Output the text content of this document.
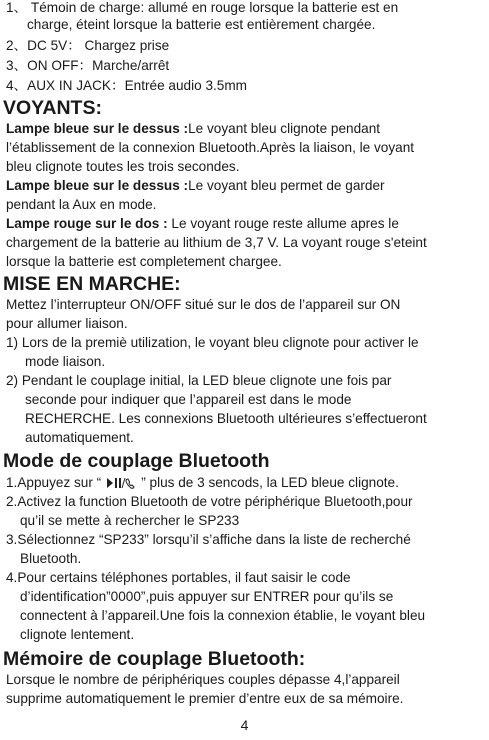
1、 Témoin de charge: allumé en rouge lorsque la batterie est en
charge, éteint lorsque la batterie est entièrement chargée.
2、DC 5V： Chargez prise
3、ON OFF：Marche/arrêt
4、AUX IN JACK：Entrée audio 3.5mm
VOYANTS:
Lampe bleue sur le dessus :Le voyant bleu clignote pendant
l’établissement de la connexion Bluetooth.Après la liaison, le voyant
bleu clignote toutes les trois secondes.
Lampe bleue sur le dessus :Le voyant bleu permet de garder
pendant la Aux en mode.
Lampe rouge sur le dos : Le voyant rouge reste allume apres le
chargement de la batterie au lithium de 3,7 V. La voyant rouge s'eteint
lorsque la batterie est completement chargee.
MISE EN MARCHE:
Mettez l’interrupteur ON/OFF situé sur le dos de l’appareil sur ON
pour allumer liaison.
1) Lors de la premiè utilization, le voyant bleu clignote pour activer le
mode liaison.
2) Pendant le couplage initial, la LED bleue clignote une fois par
seconde pour indiquer que l’appareil est dans le mode
RECHERCHE. Les connexions Bluetooth ultérieures s’effectueront
automatiquement.
Mode de couplage Bluetooth
1.Appuyez sur “	” plus de 3 sencods, la LED bleue clignote.
2.Activez la function Bluetooth de votre périphérique Bluetooth,pour
qu’il se mette à rechercher le SP233
3.Sélectionnez “SP233” lorsqu’il s’affiche dans la liste de recherché
Bluetooth.
4.Pour certains téléphones portables, il faut saisir le code
d’identification”0000”,puis appuyer sur ENTRER pour qu’ils se
connectent à l’appareil.Une fois la connexion établie, le voyant bleu
clignote lentement.
Mémoire de couplage Bluetooth:
Lorsque le nombre de périphériques couples dépasse 4,l’appareil
supprime automatiquement le premier d’entre eux de sa mémoire.
4
